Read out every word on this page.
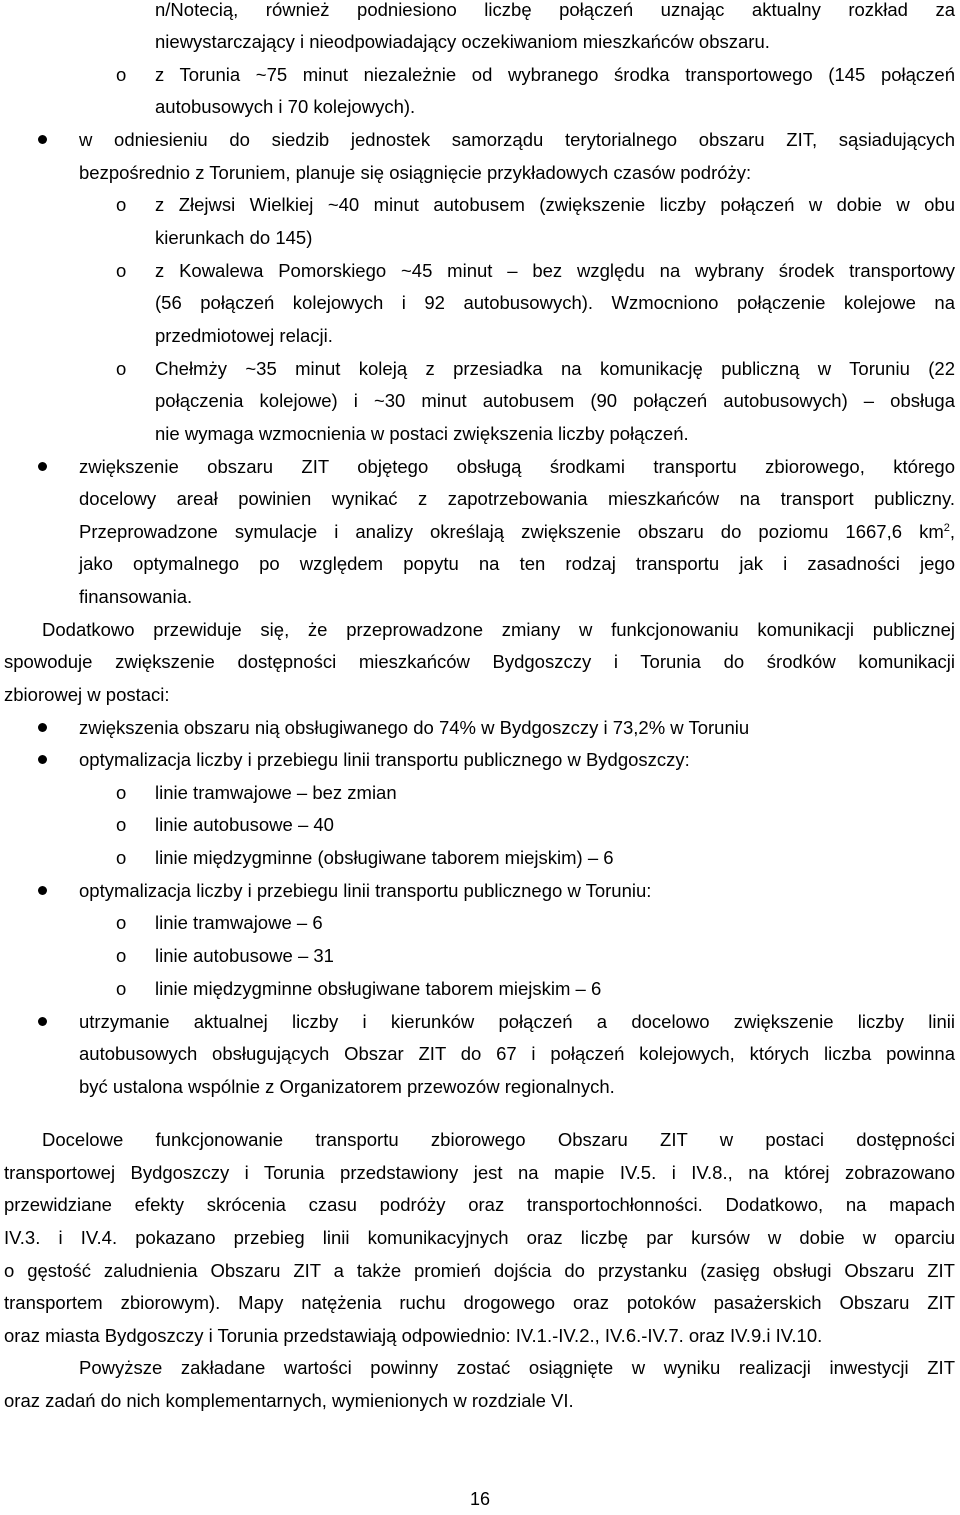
n/Notecią, również podniesiono liczbę połączeń uznając aktualny rozkład za
niewystarczający i nieodpowiadający oczekiwaniom mieszkańców obszaru.
o z Torunia ~75 minut niezależnie od wybranego środka transportowego (145 połączeń
autobusowych i 70 kolejowych).
w odniesieniu do siedzib jednostek samorządu terytorialnego obszaru ZIT, sąsiadujących
bezpośrednio z Toruniem, planuje się osiągnięcie przykładowych czasów podróży:
o z Złejwsi Wielkiej ~40 minut autobusem (zwiększenie liczby połączeń w dobie w obu
kierunkach do 145)
o z Kowalewa Pomorskiego ~45 minut – bez względu na wybrany środek transportowy
(56 połączeń kolejowych i 92 autobusowych). Wzmocniono połączenie kolejowe na
przedmiotowej relacji.
o Chełmży ~35 minut koleją z przesiadka na komunikację publiczną w Toruniu (22
połączenia kolejowe) i ~30 minut autobusem (90 połączeń autobusowych) – obsługa
nie wymaga wzmocnienia w postaci zwiększenia liczby połączeń.
zwiększenie obszaru ZIT objętego obsługą środkami transportu zbiorowego, którego
docelowy areał powinien wynikać z zapotrzebowania mieszkańców na transport publiczny.
Przeprowadzone symulacje i analizy określają zwiększenie obszaru do poziomu 1667,6 km $^2$,
jako optymalnego po względem popytu na ten rodzaj transportu jak i zasadności jego
finansowania.
Dodatkowo przewiduje się, że przeprowadzone zmiany w funkcjonowaniu komunikacji publicznej
spowoduje zwiększenie dostępności mieszkańców Bydgoszczy i Torunia do środków komunikacji
zbiorowej w postaci:
zwiększenia obszaru nią obsługiwanego do 74% w Bydgoszczy i 73,2% w Toruniu
optymalizacja liczby i przebiegu linii transportu publicznego w Bydgoszczy:
o linie tramwajowe – bez zmian
o linie autobusowe – 40
o linie międzygminne (obsługiwane taborem miejskim) – 6
optymalizacja liczby i przebiegu linii transportu publicznego w Toruniu:
o linie tramwajowe – 6
o linie autobusowe – 31
o linie międzygminne obsługiwane taborem miejskim – 6
utrzymanie aktualnej liczby i kierunków połączeń a docelowo zwiększenie liczby linii
autobusowych obsługujących Obszar ZIT do 67 i połączeń kolejowych, których liczba powinna
być ustalona wspólnie z Organizatorem przewozów regionalnych.
Docelowe funkcjonowanie transportu zbiorowego Obszaru ZIT w postaci dostępności
transportowej Bydgoszczy i Torunia przedstawiony jest na mapie IV.5. i IV.8., na której zobrazowano
przewidziane efekty skrócenia czasu podróży oraz transportochłonności. Dodatkowo, na mapach
IV.3. i IV.4. pokazano przebieg linii komunikacyjnych oraz liczbę par kursów w dobie w oparciu
o gęstość zaludnienia Obszaru ZIT a także promień dojścia do przystanku (zasięg obsługi Obszaru ZIT
transportem zbiorowym). Mapy natężenia ruchu drogowego oraz potoków pasażerskich Obszaru ZIT
oraz miasta Bydgoszczy i Torunia przedstawiają odpowiednio: IV.1.-IV.2., IV.6.-IV.7. oraz IV.9.i IV.10.
Powyższe zakładane wartości powinny zostać osiągnięte w wyniku realizacji inwestycji ZIT
oraz zadań do nich komplementarnych, wymienionych w rozdziale VI.
16
